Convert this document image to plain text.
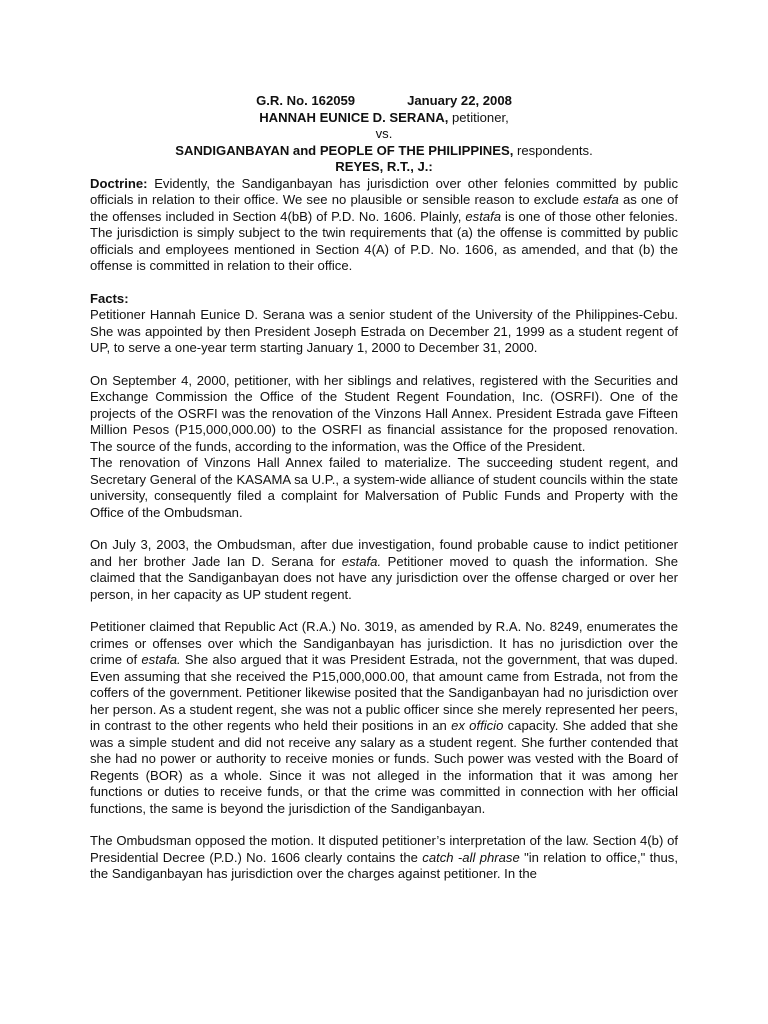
G.R. No. 162059	January 22, 2008
HANNAH EUNICE D. SERANA, petitioner,
vs.
SANDIGANBAYAN and PEOPLE OF THE PHILIPPINES, respondents.
REYES, R.T., J.:

Doctrine: Evidently, the Sandiganbayan has jurisdiction over other felonies committed by public officials in relation to their office. We see no plausible or sensible reason to exclude estafa as one of the offenses included in Section 4(bB) of P.D. No. 1606. Plainly, estafa is one of those other felonies. The jurisdiction is simply subject to the twin requirements that (a) the offense is committed by public officials and employees mentioned in Section 4(A) of P.D. No. 1606, as amended, and that (b) the offense is committed in relation to their office.

Facts:

Petitioner Hannah Eunice D. Serana was a senior student of the University of the Philippines-Cebu. She was appointed by then President Joseph Estrada on December 21, 1999 as a student regent of UP, to serve a one-year term starting January 1, 2000 to December 31, 2000.

On September 4, 2000, petitioner, with her siblings and relatives, registered with the Securities and Exchange Commission the Office of the Student Regent Foundation, Inc. (OSRFI). One of the projects of the OSRFI was the renovation of the Vinzons Hall Annex. President Estrada gave Fifteen Million Pesos (P15,000,000.00) to the OSRFI as financial assistance for the proposed renovation. The source of the funds, according to the information, was the Office of the President.

The renovation of Vinzons Hall Annex failed to materialize. The succeeding student regent, and Secretary General of the KASAMA sa U.P., a system-wide alliance of student councils within the state university, consequently filed a complaint for Malversation of Public Funds and Property with the Office of the Ombudsman.

On July 3, 2003, the Ombudsman, after due investigation, found probable cause to indict petitioner and her brother Jade Ian D. Serana for estafa. Petitioner moved to quash the information. She claimed that the Sandiganbayan does not have any jurisdiction over the offense charged or over her person, in her capacity as UP student regent.

Petitioner claimed that Republic Act (R.A.) No. 3019, as amended by R.A. No. 8249, enumerates the crimes or offenses over which the Sandiganbayan has jurisdiction. It has no jurisdiction over the crime of estafa. She also argued that it was President Estrada, not the government, that was duped. Even assuming that she received the P15,000,000.00, that amount came from Estrada, not from the coffers of the government. Petitioner likewise posited that the Sandiganbayan had no jurisdiction over her person. As a student regent, she was not a public officer since she merely represented her peers, in contrast to the other regents who held their positions in an ex officio capacity. She added that she was a simple student and did not receive any salary as a student regent. She further contended that she had no power or authority to receive monies or funds. Such power was vested with the Board of Regents (BOR) as a whole. Since it was not alleged in the information that it was among her functions or duties to receive funds, or that the crime was committed in connection with her official functions, the same is beyond the jurisdiction of the Sandiganbayan.

The Ombudsman opposed the motion. It disputed petitioner’s interpretation of the law. Section 4(b) of Presidential Decree (P.D.) No. 1606 clearly contains the catch -all phrase "in relation to office," thus, the Sandiganbayan has jurisdiction over the charges against petitioner. In the
